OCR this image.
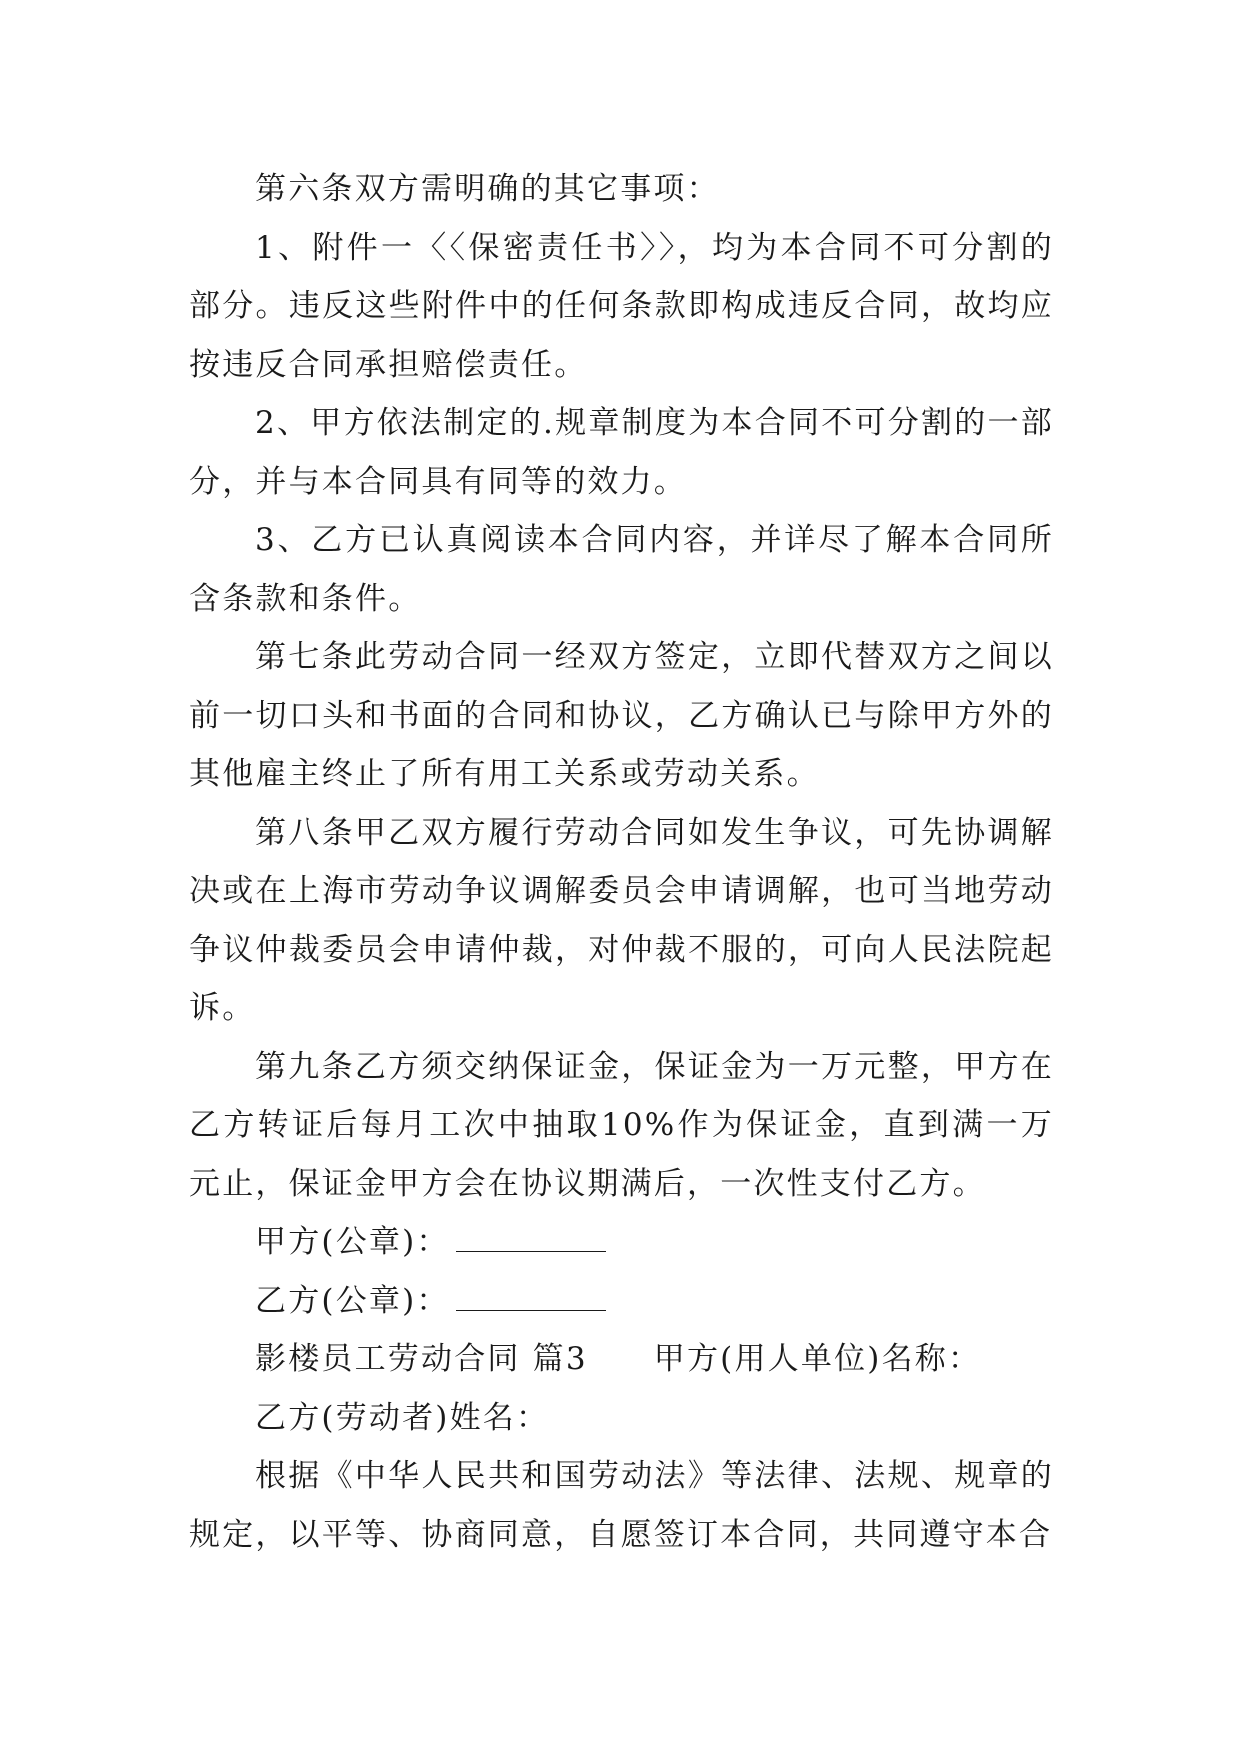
第六条双方需明确的其它事项：

1、附件一〈〈保密责任书〉〉，均为本合同不可分割的部分。违反这些附件中的任何条款即构成违反合同，故均应按违反合同承担赔偿责任。

2、甲方依法制定的.规章制度为本合同不可分割的一部分，并与本合同具有同等的效力。

3、乙方已认真阅读本合同内容，并详尽了解本合同所含条款和条件。

第七条此劳动合同一经双方签定，立即代替双方之间以前一切口头和书面的合同和协议，乙方确认已与除甲方外的其他雇主终止了所有用工关系或劳动关系。

第八条甲乙双方履行劳动合同如发生争议，可先协调解决或在上海市劳动争议调解委员会申请调解，也可当地劳动争议仲裁委员会申请仲裁，对仲裁不服的，可向人民法院起诉。

第九条乙方须交纳保证金，保证金为一万元整，甲方在乙方转证后每月工次中抽取10%作为保证金，直到满一万元止，保证金甲方会在协议期满后，一次性支付乙方。

甲方(公章)：

乙方(公章)：

影楼员工劳动合同 篇3 甲方(用人单位)名称：

乙方(劳动者)姓名：

根据《中华人民共和国劳动法》等法律、法规、规章的规定，以平等、协商同意，自愿签订本合同，共同遵守本合
